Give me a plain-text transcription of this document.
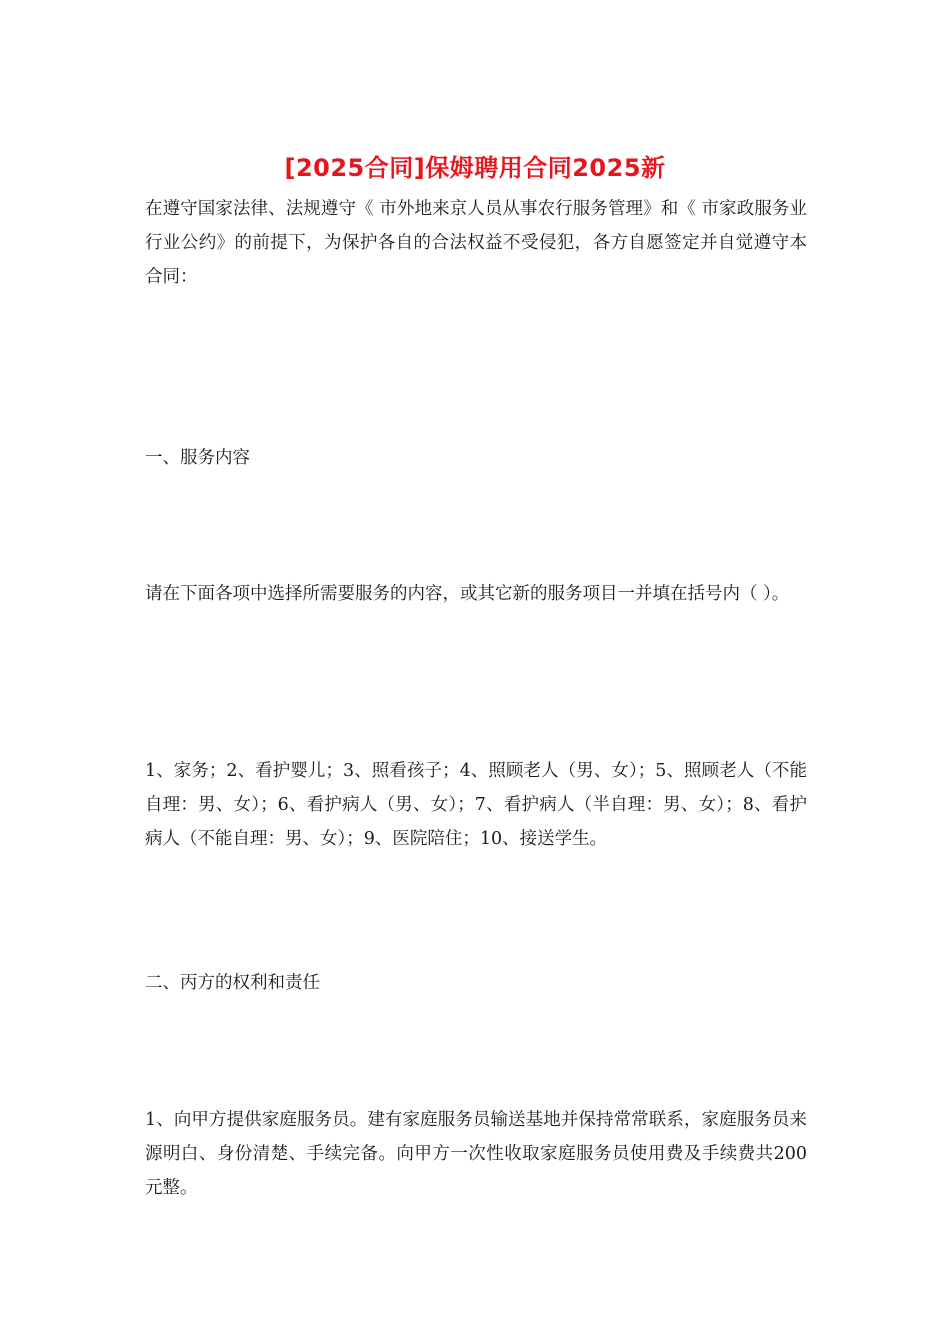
[2025合同]保姆聘用合同2025新
在遵守国家法律、法规遵守《 市外地来京人员从事农行服务管理》和《 市家政服务业行业公约》的前提下，为保护各自的合法权益不受侵犯，各方自愿签定并自觉遵守本合同：
一、服务内容
请在下面各项中选择所需要服务的内容，或其它新的服务项目一并填在括号内（ ）。
1、家务；2、看护婴儿；3、照看孩子；4、照顾老人（男、女）；5、照顾老人（不能自理：男、女）；6、看护病人（男、女）；7、看护病人（半自理：男、女）；8、看护病人（不能自理：男、女）；9、医院陪住；10、接送学生。
二、丙方的权利和责任
1、向甲方提供家庭服务员。建有家庭服务员输送基地并保持常常联系，家庭服务员来源明白、身份清楚、手续完备。向甲方一次性收取家庭服务员使用费及手续费共200元整。
